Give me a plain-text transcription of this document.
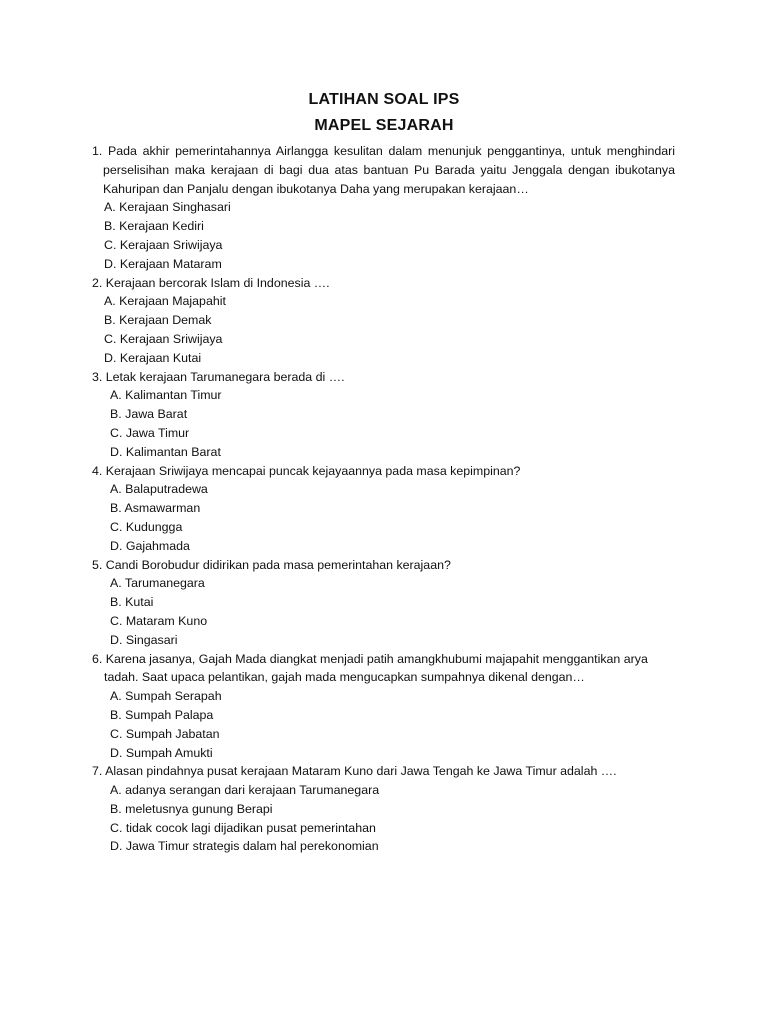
LATIHAN SOAL IPS
MAPEL SEJARAH
1. Pada akhir pemerintahannya Airlangga kesulitan dalam menunjuk penggantinya, untuk menghindari perselisihan maka kerajaan di bagi dua atas bantuan Pu Barada yaitu Jenggala dengan ibukotanya Kahuripan dan Panjalu dengan ibukotanya Daha yang merupakan kerajaan…
A. Kerajaan Singhasari
B. Kerajaan Kediri
C. Kerajaan Sriwijaya
D. Kerajaan Mataram
2. Kerajaan bercorak Islam di Indonesia ….
A. Kerajaan Majapahit
B. Kerajaan Demak
C. Kerajaan Sriwijaya
D. Kerajaan Kutai
3. Letak kerajaan Tarumanegara berada di ….
A. Kalimantan Timur
B. Jawa Barat
C. Jawa Timur
D. Kalimantan Barat
4. Kerajaan Sriwijaya mencapai puncak kejayaannya pada masa kepimpinan?
A. Balaputradewa
B. Asmawarman
C. Kudungga
D. Gajahmada
5. Candi Borobudur didirikan pada masa pemerintahan kerajaan?
A. Tarumanegara
B. Kutai
C. Mataram Kuno
D. Singasari
6. Karena jasanya, Gajah Mada diangkat menjadi patih amangkhubumi majapahit menggantikan arya tadah. Saat upaca pelantikan, gajah mada mengucapkan sumpahnya dikenal dengan…
A. Sumpah Serapah
B. Sumpah Palapa
C. Sumpah Jabatan
D. Sumpah Amukti
7. Alasan pindahnya pusat kerajaan Mataram Kuno dari Jawa Tengah ke Jawa Timur adalah ….
A. adanya serangan dari kerajaan Tarumanegara
B. meletusnya gunung Berapi
C. tidak cocok lagi dijadikan pusat pemerintahan
D. Jawa Timur strategis dalam hal perekonomian
